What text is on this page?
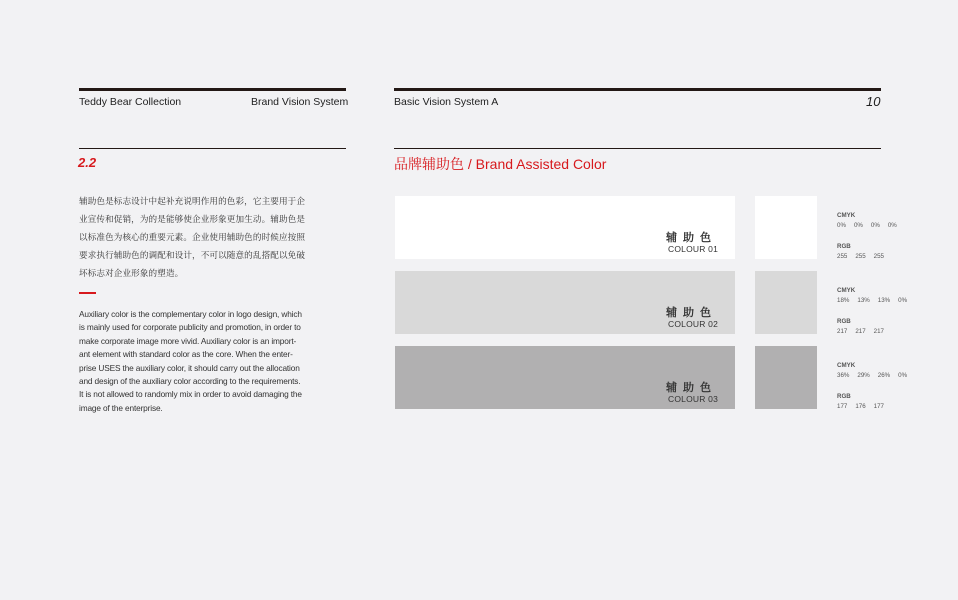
Teddy Bear Collection	Brand Vision System	Basic Vision System A	10
2.2	品牌辅助色 / Brand Assisted Color
辅助色是标志设计中起补充说明作用的色彩，它主要用于企
业宣传和促销，为的是能够使企业形象更加生动。辅助色是
以标准色为核心的重要元素。企业使用辅助色的时候应按照
要求执行辅助色的调配和设计，不可以随意的乱搭配以免破
坏标志对企业形象的塑造。
Auxiliary color is the complementary color in logo design, which
is mainly used for corporate publicity and promotion, in order to
make corporate image more vivid. Auxiliary color is an import-
ant element with standard color as the core. When the enter-
prise USES the auxiliary color, it should carry out the allocation
and design of the auxiliary color according to the requirements.
It is not allowed to randomly mix in order to avoid damaging the
image of the enterprise.
辅助色
COLOUR 01
CMYK
0% 0% 0% 0%
RGB
255 255 255
辅助色
COLOUR 02
CMYK
18% 13% 13% 0%
RGB
217 217 217
辅助色
COLOUR 03
CMYK
36% 29% 26% 0%
RGB
177 176 177
